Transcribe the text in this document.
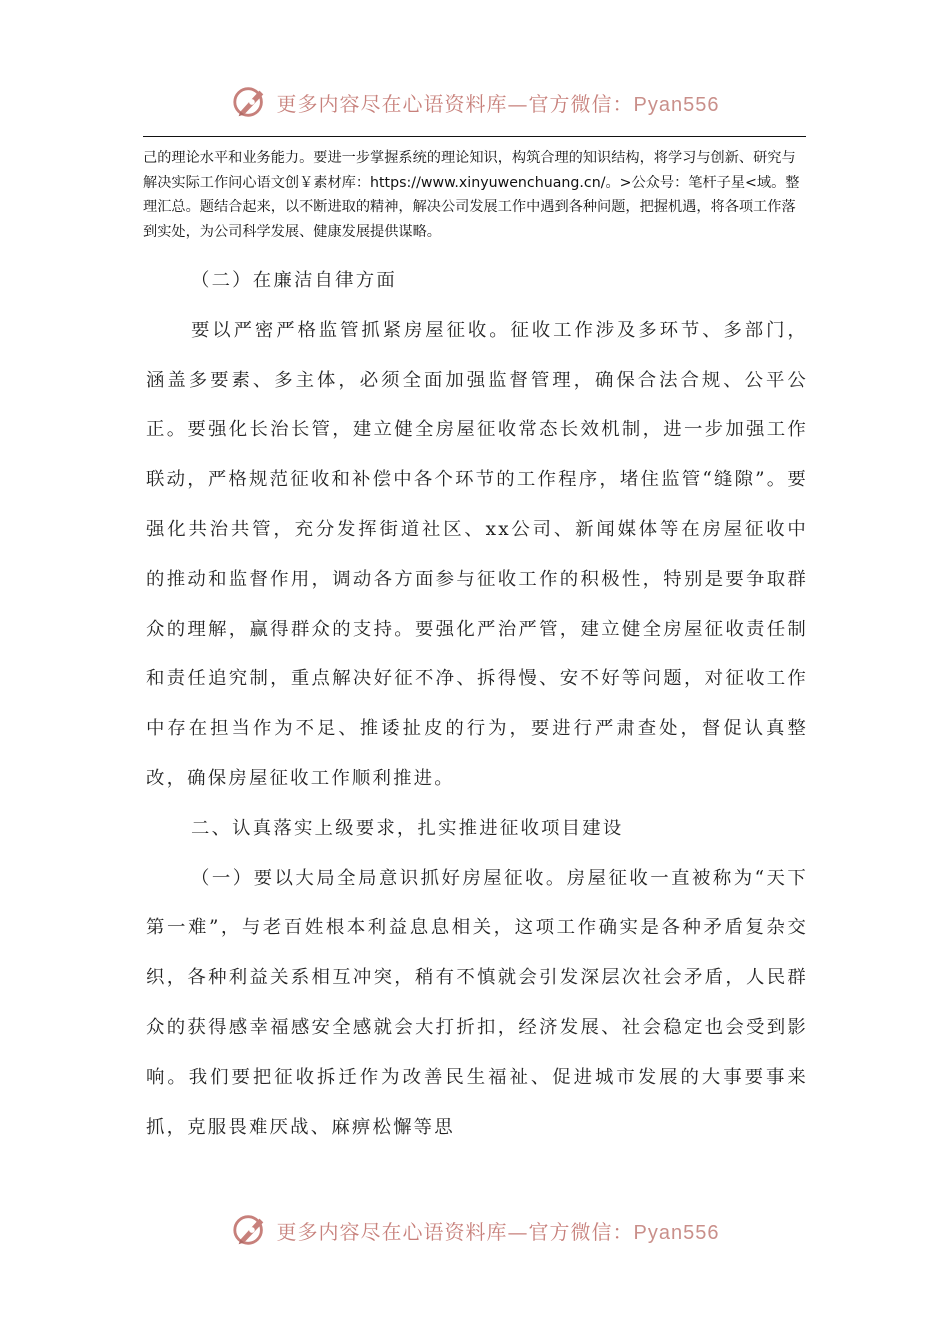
更多内容尽在心语资料库—官方微信：Pyan556

己的理论水平和业务能力。要进一步掌握系统的理论知识，构筑合理的知识结构，将学习与创新、研究与解决实际工作问心语文创￥素材库：https://www.xinyuwenchuang.cn/。>公众号：笔杆子星<域。整理汇总。题结合起来，以不断进取的精神，解决公司发展工作中遇到各种问题，把握机遇，将各项工作落到实处，为公司科学发展、健康发展提供谋略。

（二）在廉洁自律方面

要以严密严格监管抓紧房屋征收。征收工作涉及多环节、多部门，涵盖多要素、多主体，必须全面加强监督管理，确保合法合规、公平公正。要强化长治长管，建立健全房屋征收常态长效机制，进一步加强工作联动，严格规范征收和补偿中各个环节的工作程序，堵住监管“缝隙”。要强化共治共管，充分发挥街道社区、xx公司、新闻媒体等在房屋征收中的推动和监督作用，调动各方面参与征收工作的积极性，特别是要争取群众的理解，赢得群众的支持。要强化严治严管，建立健全房屋征收责任制和责任追究制，重点解决好征不净、拆得慢、安不好等问题，对征收工作中存在担当作为不足、推诿扯皮的行为，要进行严肃查处，督促认真整改，确保房屋征收工作顺利推进。

二、认真落实上级要求，扎实推进征收项目建设

（一）要以大局全局意识抓好房屋征收。房屋征收一直被称为“天下第一难”，与老百姓根本利益息息相关，这项工作确实是各种矛盾复杂交织，各种利益关系相互冲突，稍有不慎就会引发深层次社会矛盾，人民群众的获得感幸福感安全感就会大打折扣，经济发展、社会稳定也会受到影响。我们要把征收拆迁作为改善民生福祉、促进城市发展的大事要事来抓，克服畏难厌战、麻痹松懈等思

更多内容尽在心语资料库—官方微信：Pyan556
